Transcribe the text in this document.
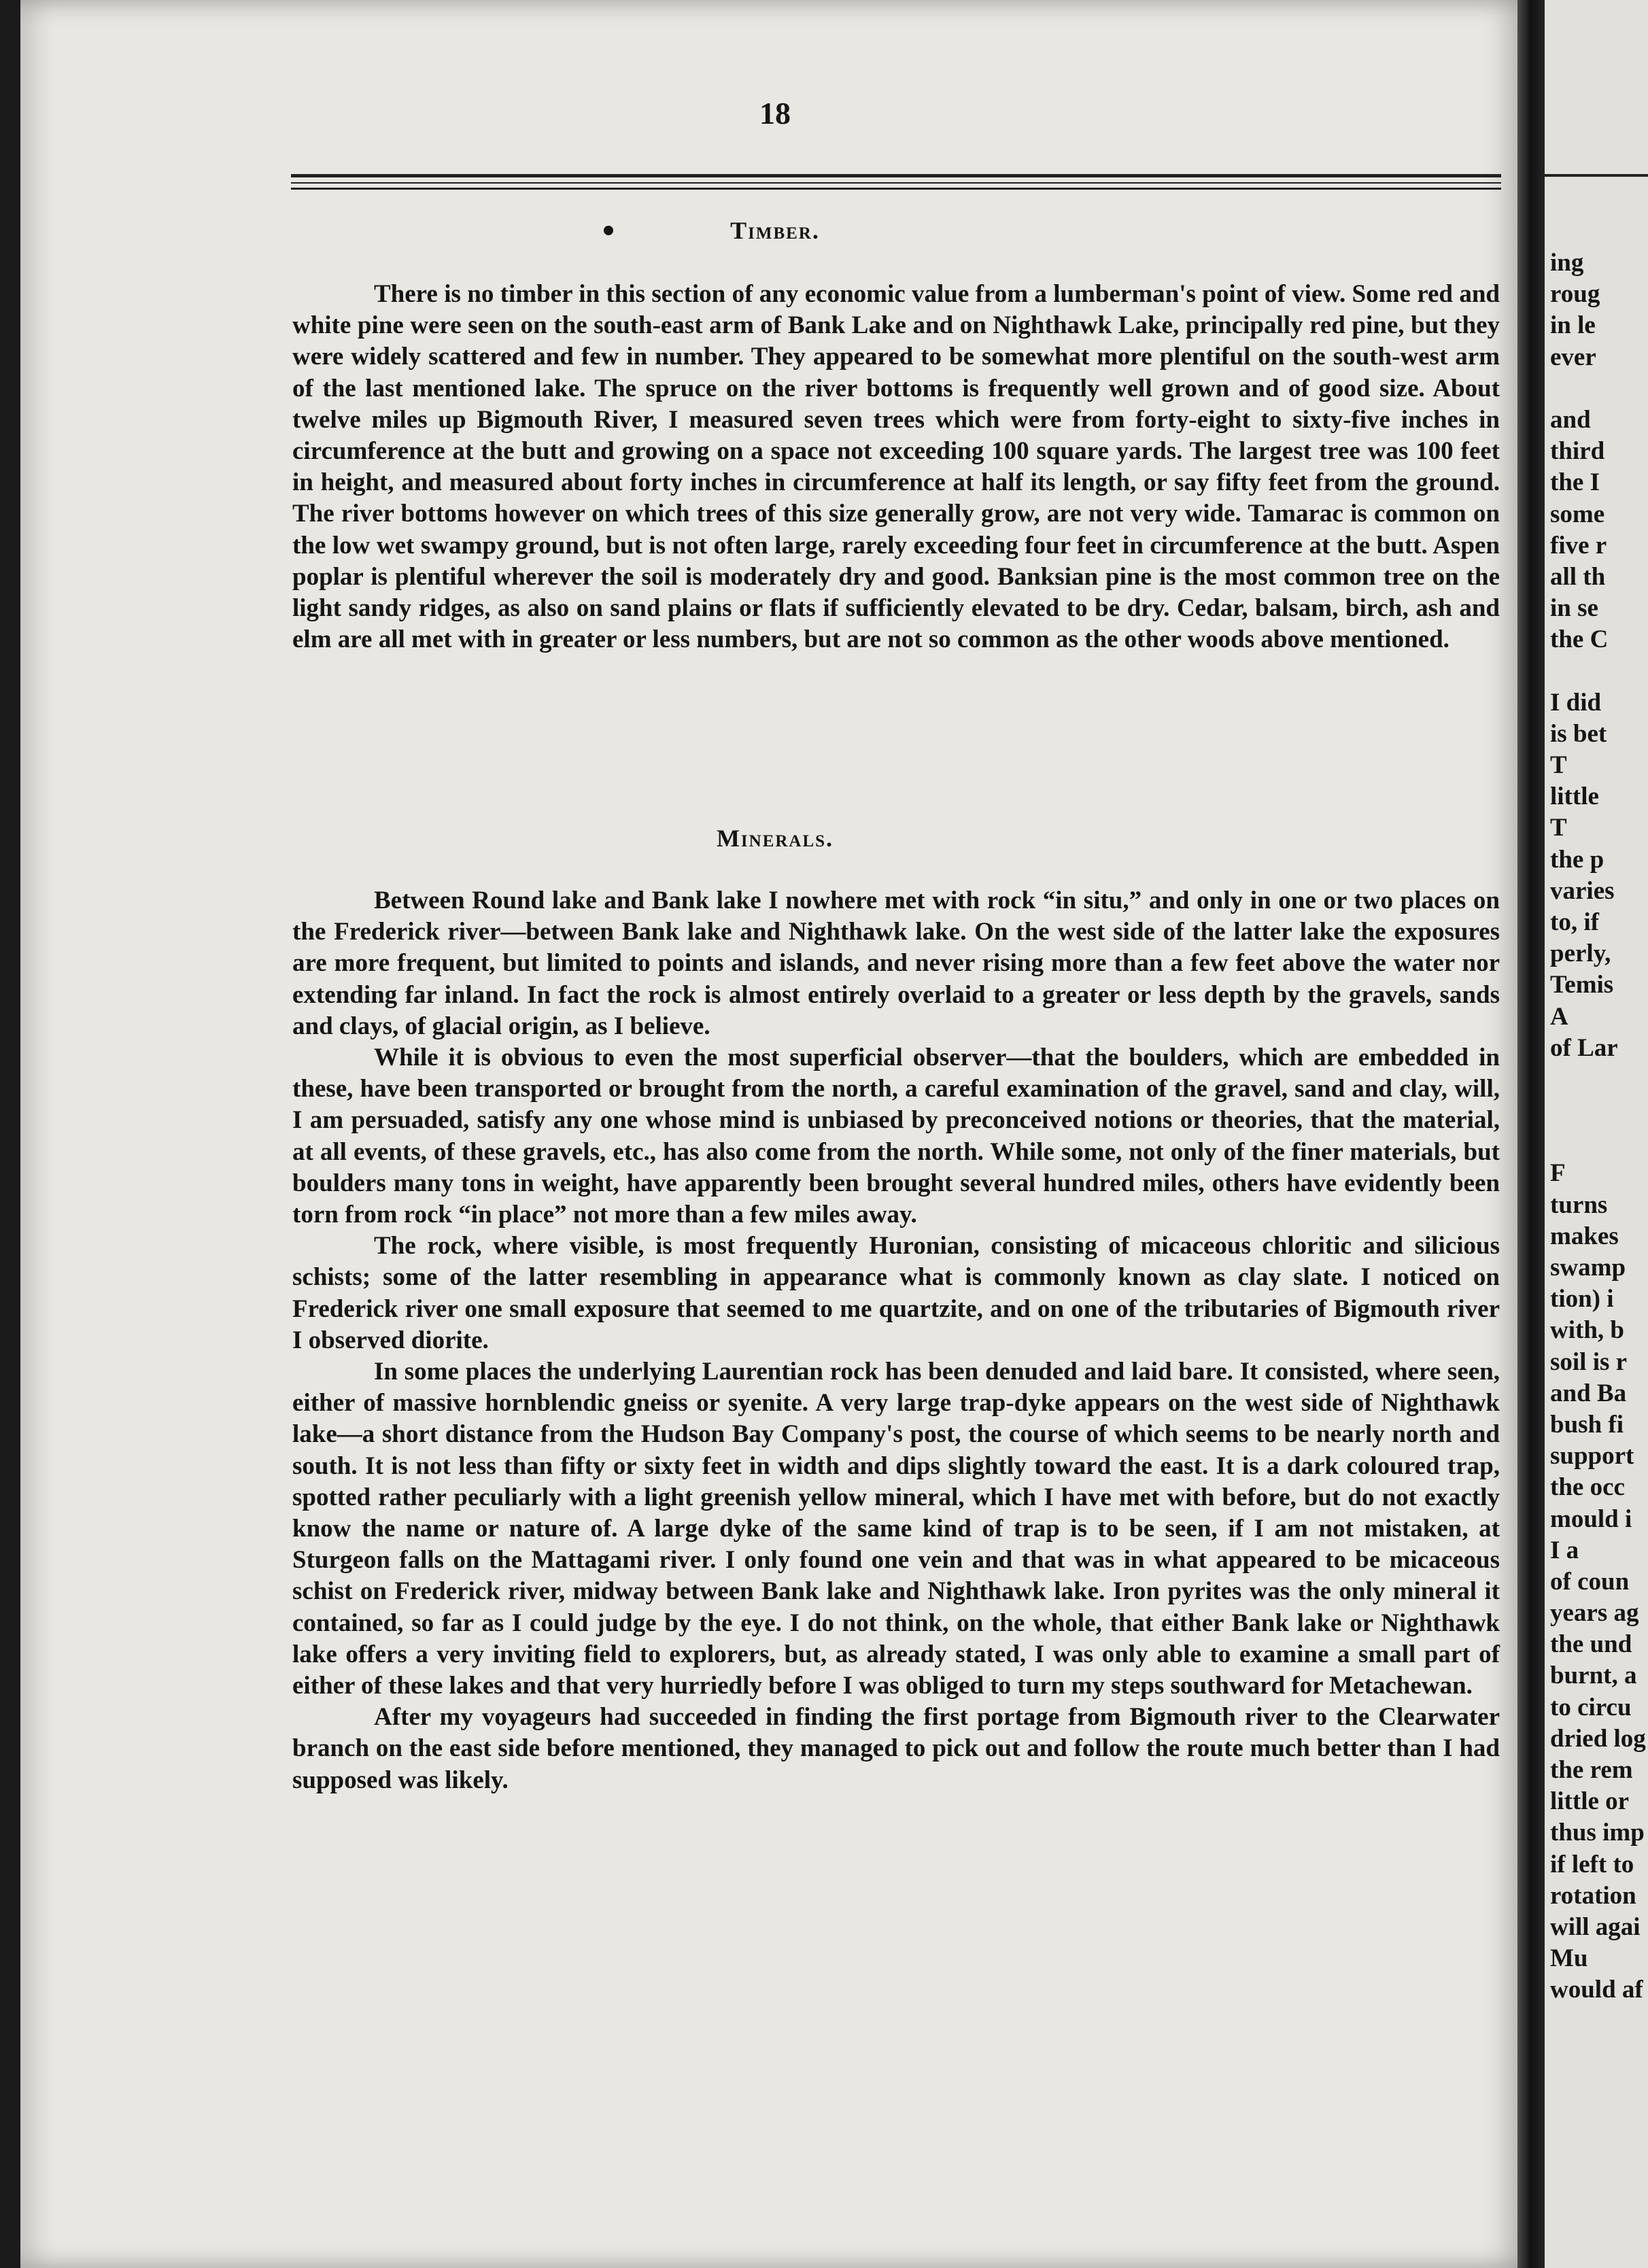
18
Timber.

There is no timber in this section of any economic value from a lumberman's point of view. Some red and white pine were seen on the south-east arm of Bank Lake and on Nighthawk Lake, principally red pine, but they were widely scattered and few in number. They appeared to be somewhat more plentiful on the south-west arm of the last mentioned lake. The spruce on the river bottoms is frequently well grown and of good size. About twelve miles up Bigmouth River, I measured seven trees which were from forty-eight to sixty-five inches in circumference at the butt and growing on a space not exceeding 100 square yards. The largest tree was 100 feet in height, and measured about forty inches in circumference at half its length, or say fifty feet from the ground. The river bottoms however on which trees of this size generally grow, are not very wide. Tamarac is common on the low wet swampy ground, but is not often large, rarely exceeding four feet in circumference at the butt. Aspen poplar is plentiful wherever the soil is moderately dry and good. Banksian pine is the most common tree on the light sandy ridges, as also on sand plains or flats if sufficiently elevated to be dry. Cedar, balsam, birch, ash and elm are all met with in greater or less numbers, but are not so common as the other woods above mentioned.

Minerals.

Between Round lake and Bank lake I nowhere met with rock “in situ,” and only in one or two places on the Frederick river—between Bank lake and Nighthawk lake. On the west side of the latter lake the exposures are more frequent, but limited to points and islands, and never rising more than a few feet above the water nor extending far inland. In fact the rock is almost entirely overlaid to a greater or less depth by the gravels, sands and clays, of glacial origin, as I believe.

While it is obvious to even the most superficial observer—that the boulders, which are embedded in these, have been transported or brought from the north, a careful examination of the gravel, sand and clay, will, I am persuaded, satisfy any one whose mind is unbiased by preconceived notions or theories, that the material, at all events, of these gravels, etc., has also come from the north. While some, not only of the finer materials, but boulders many tons in weight, have apparently been brought several hundred miles, others have evidently been torn from rock “in place” not more than a few miles away.

The rock, where visible, is most frequently Huronian, consisting of micaceous chloritic and silicious schists; some of the latter resembling in appearance what is commonly known as clay slate. I noticed on Frederick river one small exposure that seemed to me quartzite, and on one of the tributaries of Bigmouth river I observed diorite.

In some places the underlying Laurentian rock has been denuded and laid bare. It consisted, where seen, either of massive hornblendic gneiss or syenite. A very large trap-dyke appears on the west side of Nighthawk lake—a short distance from the Hudson Bay Company's post, the course of which seems to be nearly north and south. It is not less than fifty or sixty feet in width and dips slightly toward the east. It is a dark coloured trap, spotted rather peculiarly with a light greenish yellow mineral, which I have met with before, but do not exactly know the name or nature of. A large dyke of the same kind of trap is to be seen, if I am not mistaken, at Sturgeon falls on the Mattagami river. I only found one vein and that was in what appeared to be micaceous schist on Frederick river, midway between Bank lake and Nighthawk lake. Iron pyrites was the only mineral it contained, so far as I could judge by the eye. I do not think, on the whole, that either Bank lake or Nighthawk lake offers a very inviting field to explorers, but, as already stated, I was only able to examine a small part of either of these lakes and that very hurriedly before I was obliged to turn my steps southward for Metachewan.

After my voyageurs had succeeded in finding the first portage from Bigmouth river to the Clearwater branch on the east side before mentioned, they managed to pick out and follow the route much better than I had supposed was likely.

ing
roug
in le
ever
and
third
the I
some
five r
all th
in se
the C
I did
is bet
T
little
T
the p
varies
to, if
perly,
Temis
A
of Lar
F
turns
makes
swamp
tion) i
with, b
soil is r
and Ba
bush fi
support
the occ
mould i
I a
of coun
years ag
the und
burnt, a
to circu
dried log
the rem
little or
thus imp
if left to
rotation
will agai
Mu
would af
